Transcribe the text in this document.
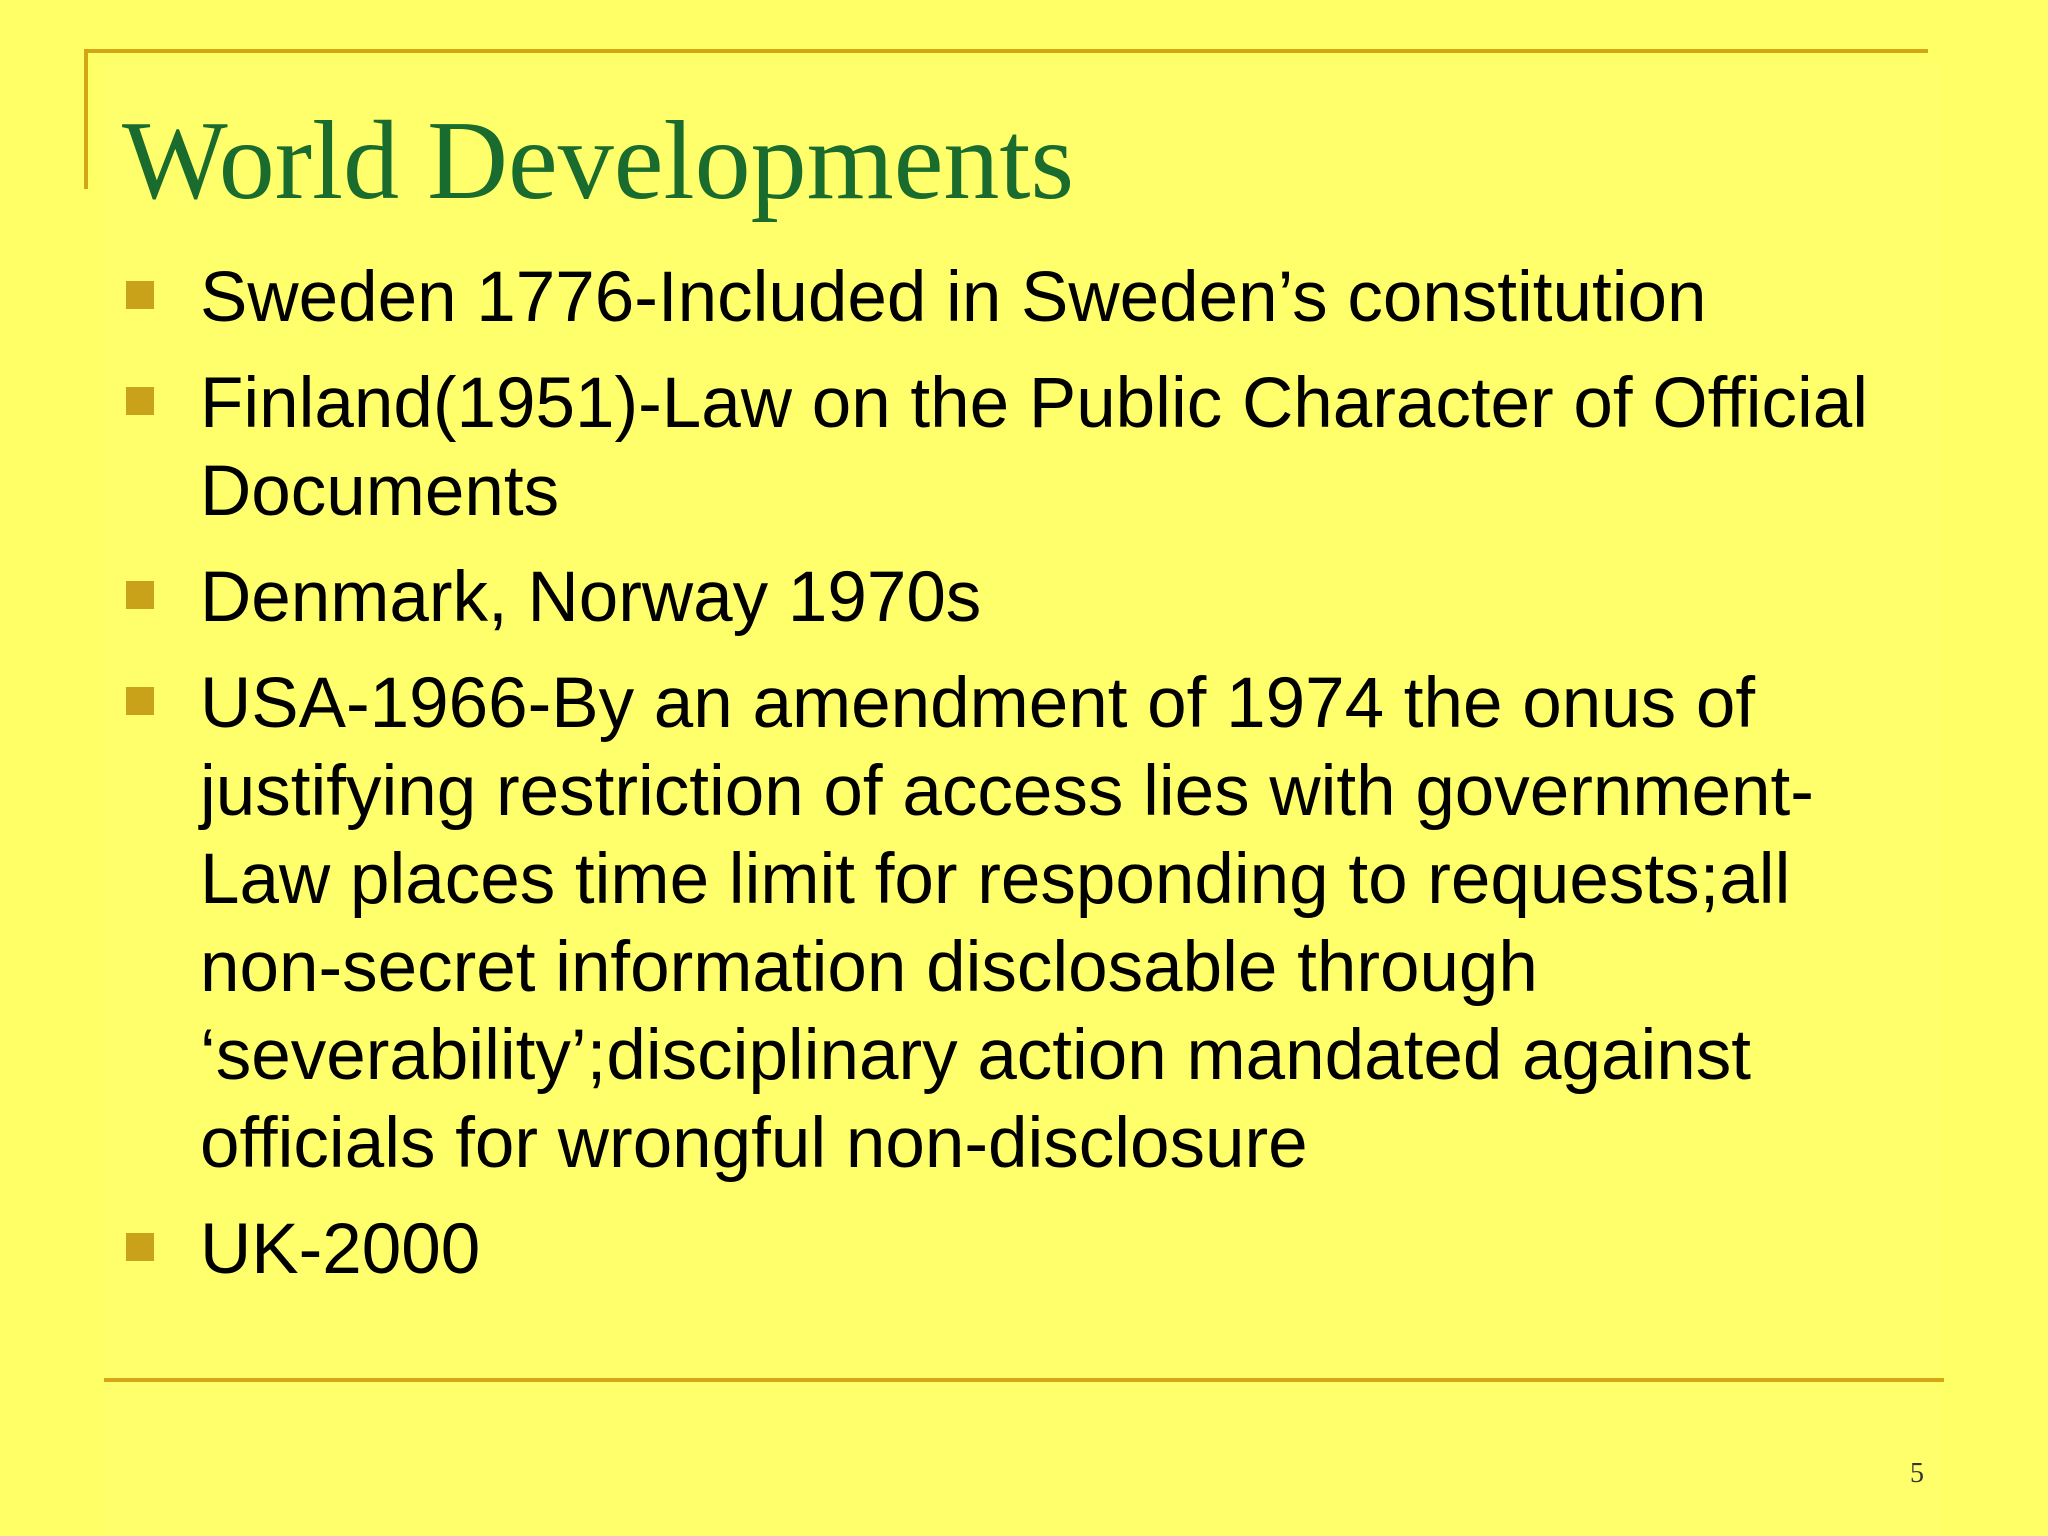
World Developments
Sweden 1776-Included in Sweden’s constitution
Finland(1951)-Law on the Public Character of Official Documents
Denmark, Norway 1970s
USA-1966-By an amendment of 1974 the onus of justifying restriction of access lies with government-Law places time limit for responding to requests;all non-secret information disclosable through ‘severability’;disciplinary action mandated against officials for wrongful non-disclosure
UK-2000
5
